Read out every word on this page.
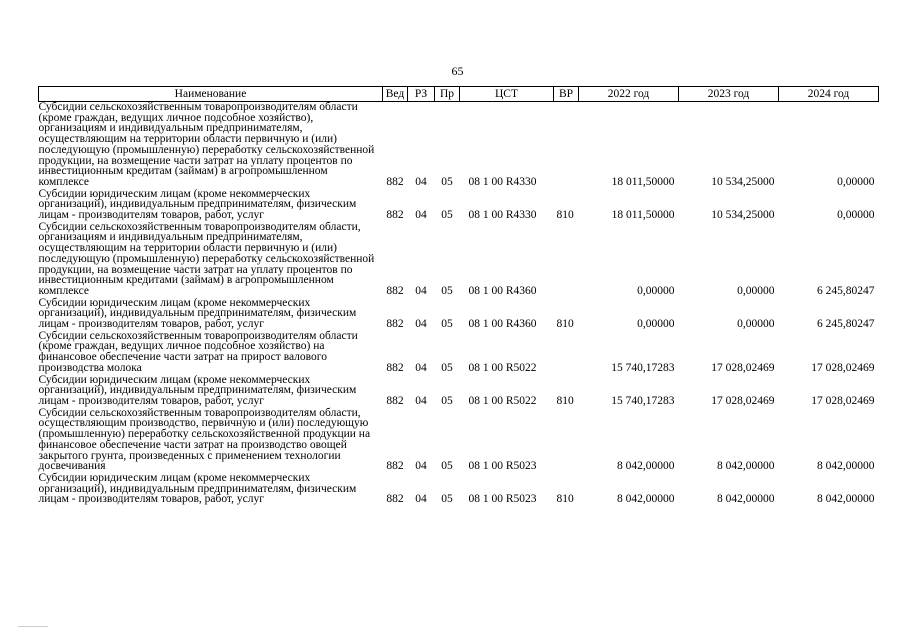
65
Наименование	Вед	РЗ	Пр	ЦСТ	ВР	2022 год	2023 год	2024 год
Субсидии сельскохозяйственным товаропроизводителям области (кроме граждан, ведущих личное подсобное хозяйство), организациям и индивидуальным предпринимателям, осуществляющим на территории области первичную и (или) последующую (промышленную) переработку сельскохозяйственной продукции, на возмещение части затрат на уплату процентов по инвестиционным кредитам (займам) в агропромышленном комплексе	882	04	05	08 1 00 R4330		18 011,50000	10 534,25000	0,00000
Субсидии юридическим лицам (кроме некоммерческих организаций), индивидуальным предпринимателям, физическим лицам - производителям товаров, работ, услуг	882	04	05	08 1 00 R4330	810	18 011,50000	10 534,25000	0,00000
Субсидии сельскохозяйственным товаропроизводителям области, организациям и индивидуальным предпринимателям, осуществляющим на территории области первичную и (или) последующую (промышленную) переработку сельскохозяйственной продукции, на возмещение части затрат на уплату процентов по инвестиционным кредитами (займам) в агропромышленном комплексе	882	04	05	08 1 00 R4360		0,00000	0,00000	6 245,80247
Субсидии юридическим лицам (кроме некоммерческих организаций), индивидуальным предпринимателям, физическим лицам - производителям товаров, работ, услуг	882	04	05	08 1 00 R4360	810	0,00000	0,00000	6 245,80247
Субсидии сельскохозяйственным товаропроизводителям области (кроме граждан, ведущих личное подсобное хозяйство) на финансовое обеспечение части затрат на прирост валового производства молока	882	04	05	08 1 00 R5022		15 740,17283	17 028,02469	17 028,02469
Субсидии юридическим лицам (кроме некоммерческих организаций), индивидуальным предпринимателям, физическим лицам - производителям товаров, работ, услуг	882	04	05	08 1 00 R5022	810	15 740,17283	17 028,02469	17 028,02469
Субсидии сельскохозяйственным товаропроизводителям области, осуществляющим производство, первичную и (или) последующую (промышленную) переработку сельскохозяйственной продукции на финансовое обеспечение части затрат на производство овощей закрытого грунта, произведенных с применением технологии досвечивания	882	04	05	08 1 00 R5023		8 042,00000	8 042,00000	8 042,00000
Субсидии юридическим лицам (кроме некоммерческих организаций), индивидуальным предпринимателям, физическим лицам - производителям товаров, работ, услуг	882	04	05	08 1 00 R5023	810	8 042,00000	8 042,00000	8 042,00000
